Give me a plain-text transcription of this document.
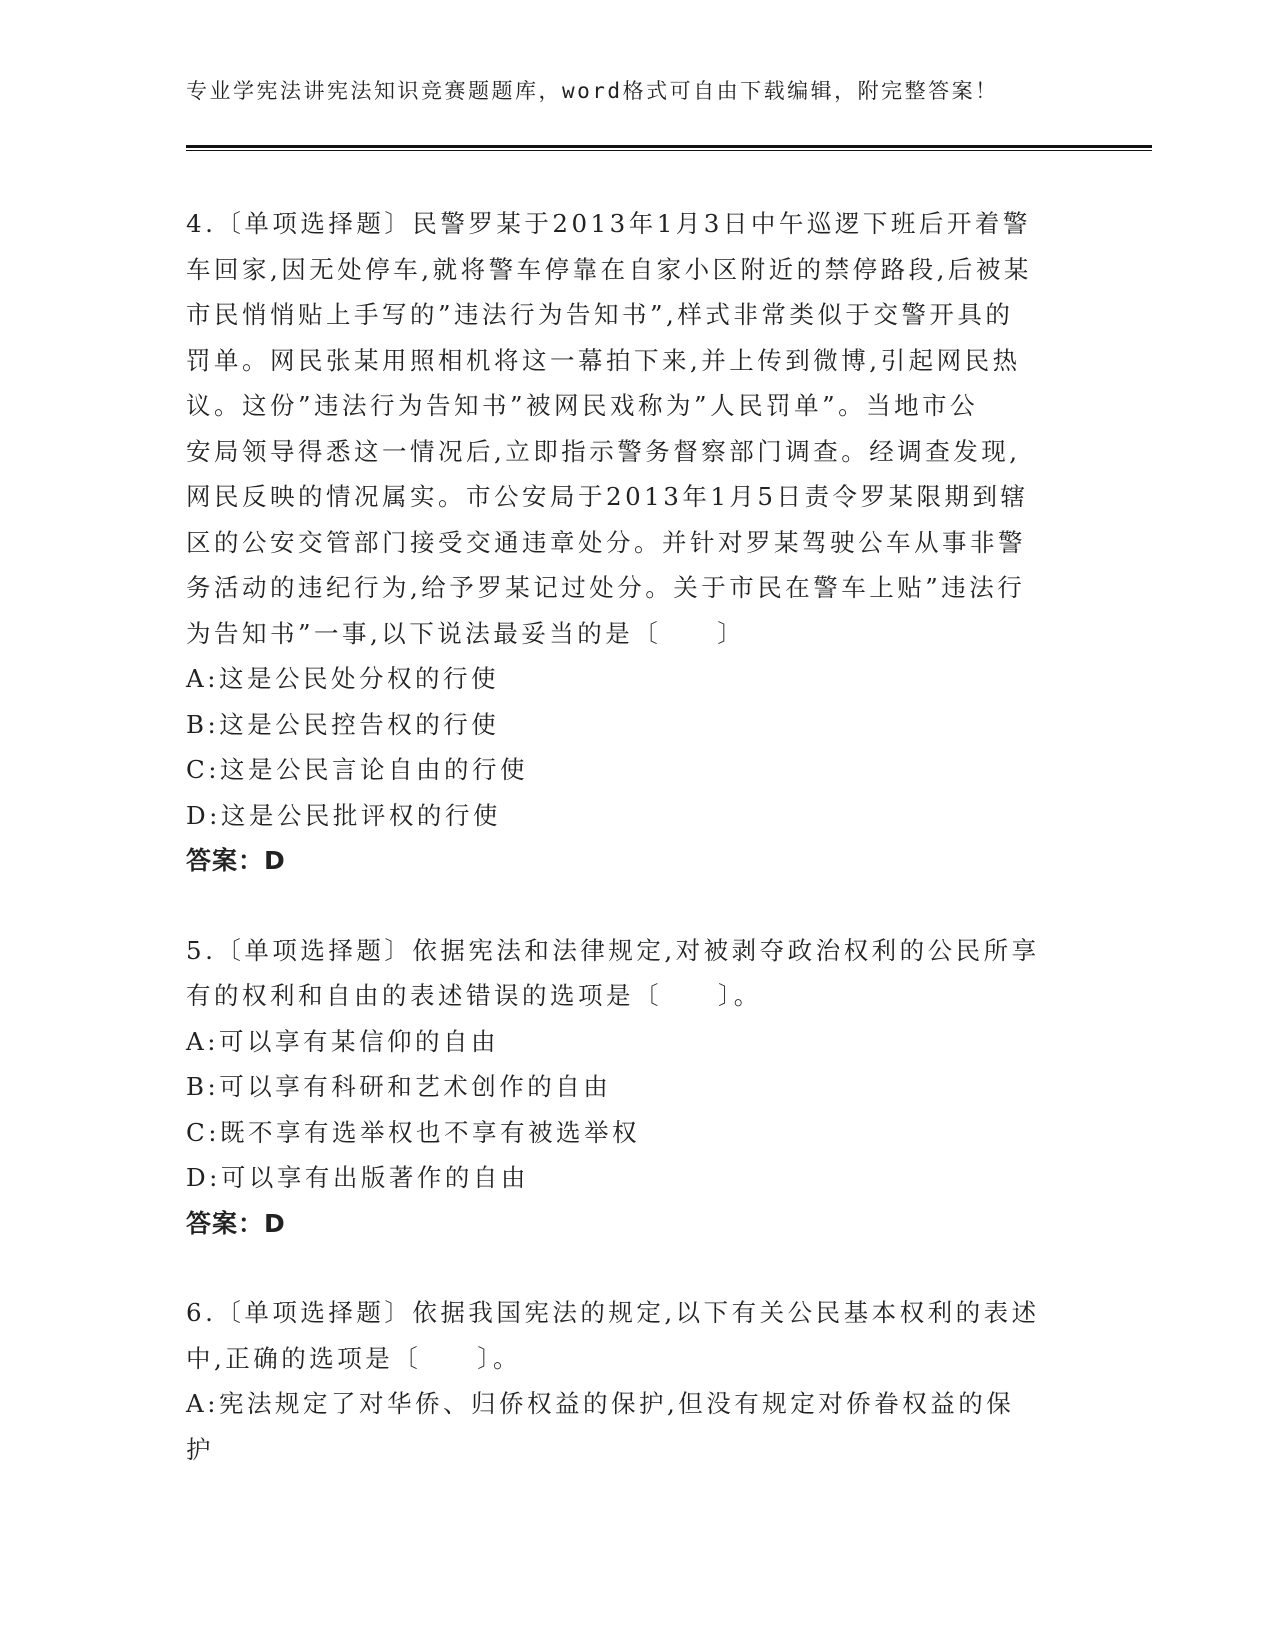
专业学宪法讲宪法知识竞赛题题库，word格式可自由下载编辑，附完整答案！
4.〔单项选择题〕民警罗某于2013年1月3日中午巡逻下班后开着警
车回家,因无处停车,就将警车停靠在自家小区附近的禁停路段,后被某
市民悄悄贴上手写的”违法行为告知书”,样式非常类似于交警开具的
罚单。网民张某用照相机将这一幕拍下来,并上传到微博,引起网民热
议。这份”违法行为告知书”被网民戏称为”人民罚单”。当地市公
安局领导得悉这一情况后,立即指示警务督察部门调查。经调查发现,
网民反映的情况属实。市公安局于2013年1月5日责令罗某限期到辖
区的公安交管部门接受交通违章处分。并针对罗某驾驶公车从事非警
务活动的违纪行为,给予罗某记过处分。关于市民在警车上贴”违法行
为告知书”一事,以下说法最妥当的是〔　　〕
A:这是公民处分权的行使
B:这是公民控告权的行使
C:这是公民言论自由的行使
D:这是公民批评权的行使
答案：D
5.〔单项选择题〕依据宪法和法律规定,对被剥夺政治权利的公民所享
有的权利和自由的表述错误的选项是〔　　〕。
A:可以享有某信仰的自由
B:可以享有科研和艺术创作的自由
C:既不享有选举权也不享有被选举权
D:可以享有出版著作的自由
答案：D
6.〔单项选择题〕依据我国宪法的规定,以下有关公民基本权利的表述
中,正确的选项是〔　　〕。
A:宪法规定了对华侨、归侨权益的保护,但没有规定对侨眷权益的保
护
